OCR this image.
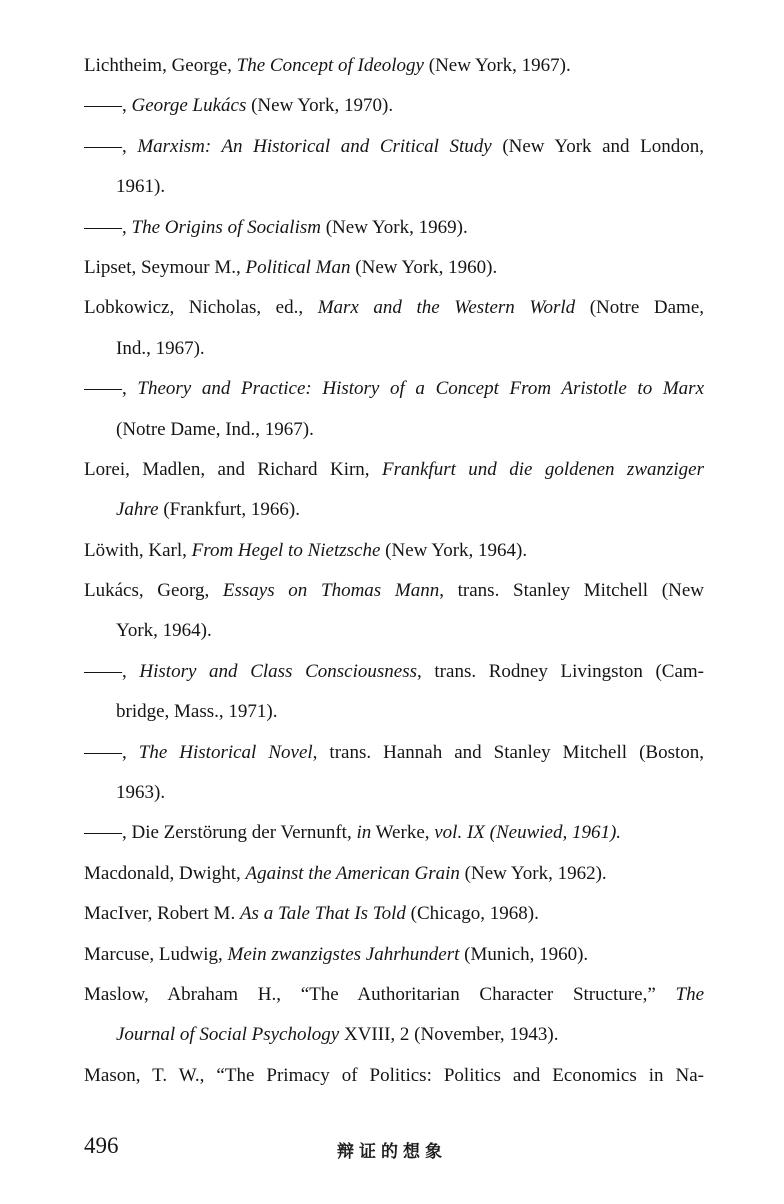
Lichtheim, George, The Concept of Ideology (New York, 1967).
——, George Lukács (New York, 1970).
——, Marxism: An Historical and Critical Study (New York and London,
1961).
——, The Origins of Socialism (New York, 1969).
Lipset, Seymour M., Political Man (New York, 1960).
Lobkowicz, Nicholas, ed., Marx and the Western World (Notre Dame,
Ind., 1967).
——, Theory and Practice: History of a Concept From Aristotle to Marx
(Notre Dame, Ind., 1967).
Lorei, Madlen, and Richard Kirn, Frankfurt und die goldenen zwanziger
Jahre (Frankfurt, 1966).
Löwith, Karl, From Hegel to Nietzsche (New York, 1964).
Lukács, Georg, Essays on Thomas Mann, trans. Stanley Mitchell (New
York, 1964).
——, History and Class Consciousness, trans. Rodney Livingston (Cam-
bridge, Mass., 1971).
——, The Historical Novel, trans. Hannah and Stanley Mitchell (Boston,
1963).
——, Die Zerstörung der Vernunft, in Werke, vol. IX (Neuwied, 1961).
Macdonald, Dwight, Against the American Grain (New York, 1962).
MacIver, Robert M. As a Tale That Is Told (Chicago, 1968).
Marcuse, Ludwig, Mein zwanzigstes Jahrhundert (Munich, 1960).
Maslow, Abraham H., “The Authoritarian Character Structure,” The
Journal of Social Psychology XVIII, 2 (November, 1943).
Mason, T. W., “The Primacy of Politics: Politics and Economics in Na-
496	辩证的想象
